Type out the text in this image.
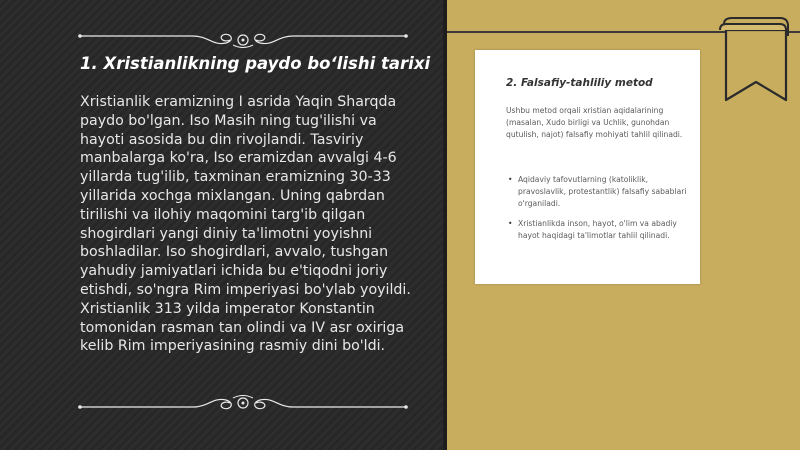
1. Xristianlikning paydo bo‘lishi tarixi
Xristianlik eramizning I asrida Yaqin Sharqda paydo bo'lgan. Iso Masih ning tug'ilishi va hayoti asosida bu din rivojlandi. Tasviriy manbalarga ko'ra, Iso eramizdan avvalgi 4-6 yillarda tug'ilib, taxminan eramizning 30-33 yillarida xochga mixlangan. Uning qabrdan tirilishi va ilohiy maqomini targ'ib qilgan shogirdlari yangi diniy ta'limotni yoyishni boshladilar. Iso shogirdlari, avvalo, tushgan yahudiy jamiyatlari ichida bu e'tiqodni joriy etishdi, so'ngra Rim imperiyasi bo'ylab yoyildi. Xristianlik 313 yilda imperator Konstantin tomonidan rasman tan olindi va IV asr oxiriga kelib Rim imperiyasining rasmiy dini bo'ldi.
2. Falsafiy-tahliliy metod
Ushbu metod orqali xristian aqidalarining (masalan, Xudo birligi va Uchlik, gunohdan qutulish, najot) falsafiy mohiyati tahlil qilinadi.
• Aqidaviy tafovutlarning (katoliklik, pravoslavlik, protestantlik) falsafiy sabablari o'rganiladi.
• Xristianlikda inson, hayot, o'lim va abadiy hayot haqidagi ta'limotlar tahlil qilinadi.
